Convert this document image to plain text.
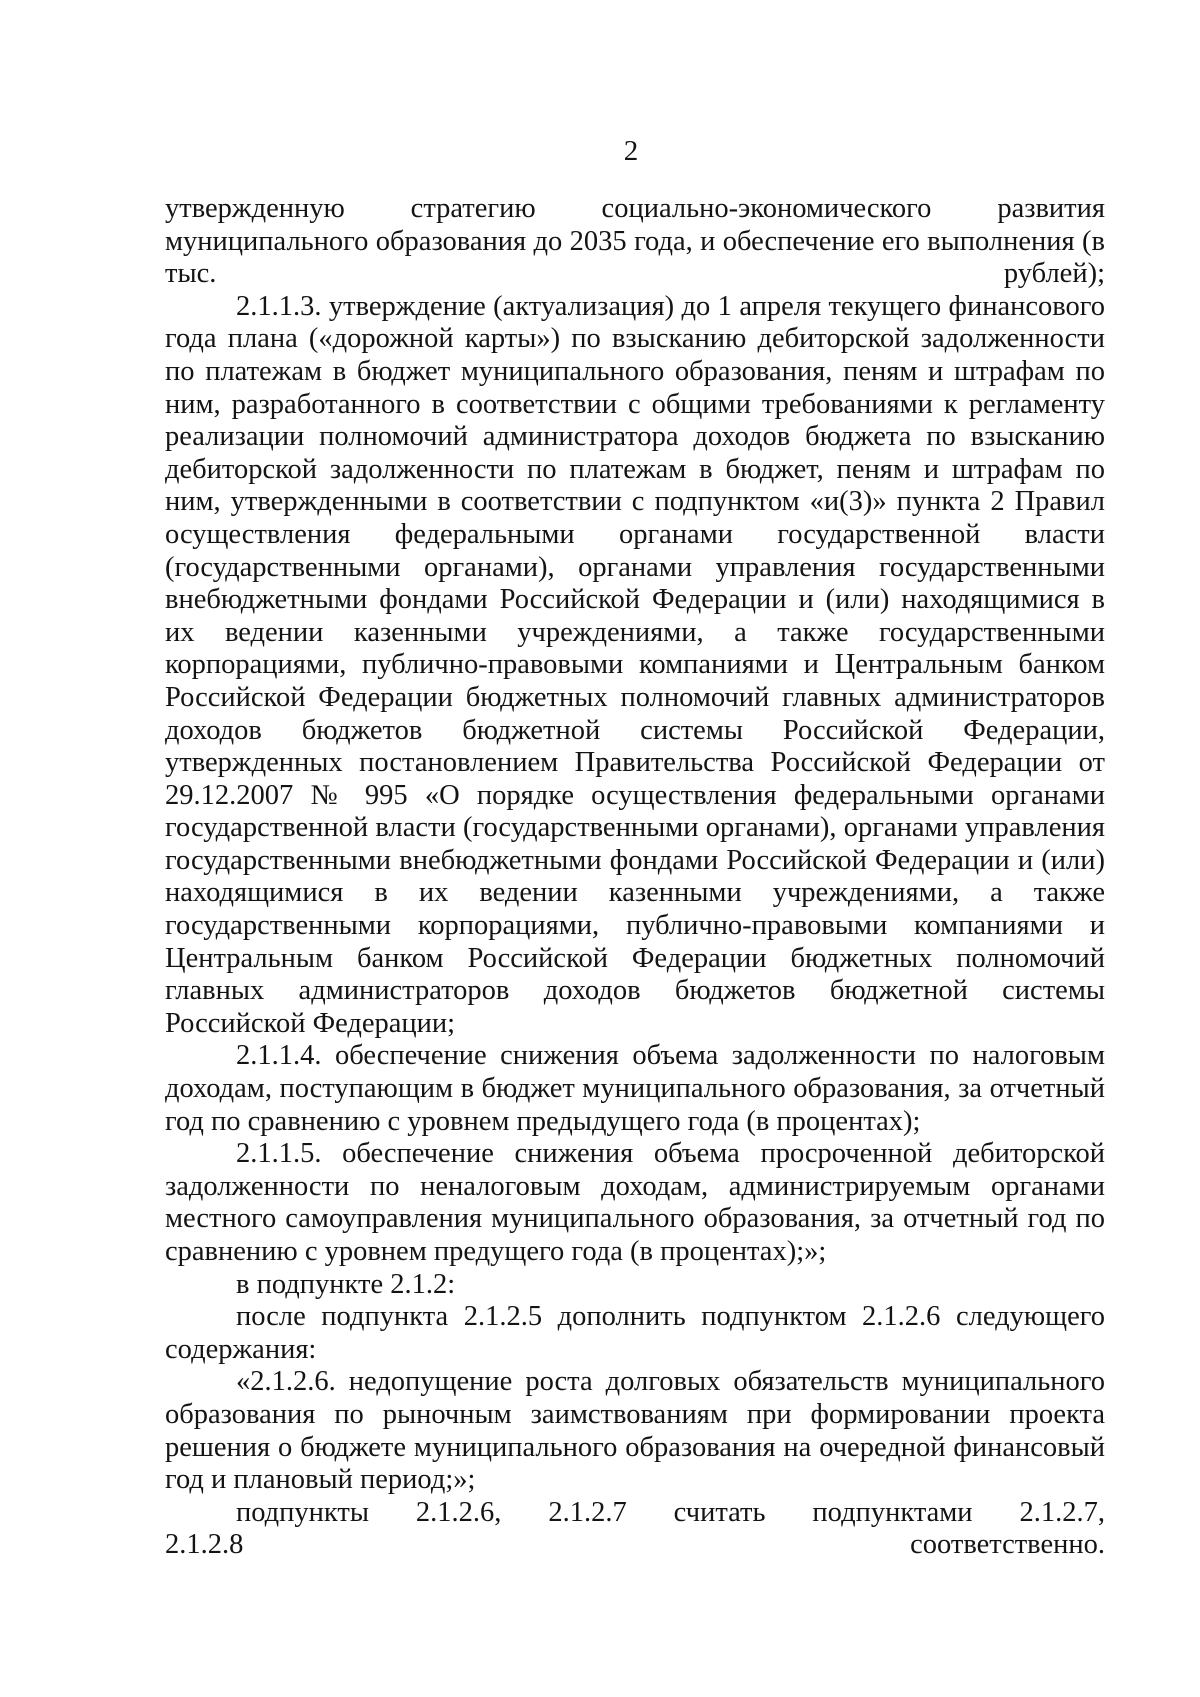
2

утвержденную стратегию социально-экономического развития
муниципального образования до 2035 года, и обеспечение его выполнения (в тыс. рублей);

2.1.1.3. утверждение (актуализация) до 1 апреля текущего финансового года плана («дорожной карты») по взысканию дебиторской задолженности по платежам в бюджет муниципального образования, пеням и штрафам по ним, разработанного в соответствии с общими требованиями к регламенту реализации полномочий администратора доходов бюджета по взысканию дебиторской задолженности по платежам в бюджет, пеням и штрафам по ним, утвержденными в соответствии с подпунктом «и(3)» пункта 2 Правил осуществления федеральными органами государственной власти (государственными органами), органами управления государственными внебюджетными фондами Российской Федерации и (или) находящимися в их ведении казенными учреждениями, а также государственными корпорациями, публично-правовыми компаниями и Центральным банком Российской Федерации бюджетных полномочий главных администраторов доходов бюджетов бюджетной системы Российской Федерации, утвержденных постановлением Правительства Российской Федерации от 29.12.2007 № 995 «О порядке осуществления федеральными органами государственной власти (государственными органами), органами управления государственными внебюджетными фондами Российской Федерации и (или) находящимися в их ведении казенными учреждениями, а также государственными корпорациями, публично-правовыми компаниями и Центральным банком Российской Федерации бюджетных полномочий главных администраторов доходов бюджетов бюджетной системы Российской Федерации;

2.1.1.4. обеспечение снижения объема задолженности по налоговым доходам, поступающим в бюджет муниципального образования, за отчетный год по сравнению с уровнем предыдущего года (в процентах);

2.1.1.5. обеспечение снижения объема просроченной дебиторской задолженности по неналоговым доходам, администрируемым органами местного самоуправления муниципального образования, за отчетный год по сравнению с уровнем предущего года (в процентах);»;

в подпункте 2.1.2:

после подпункта 2.1.2.5 дополнить подпунктом 2.1.2.6 следующего содержания:

«2.1.2.6. недопущение роста долговых обязательств муниципального образования по рыночным заимствованиям при формировании проекта решения о бюджете муниципального образования на очередной финансовый год и плановый период;»;

подпункты 2.1.2.6, 2.1.2.7 считать подпунктами 2.1.2.7,
2.1.2.8 соответственно.
